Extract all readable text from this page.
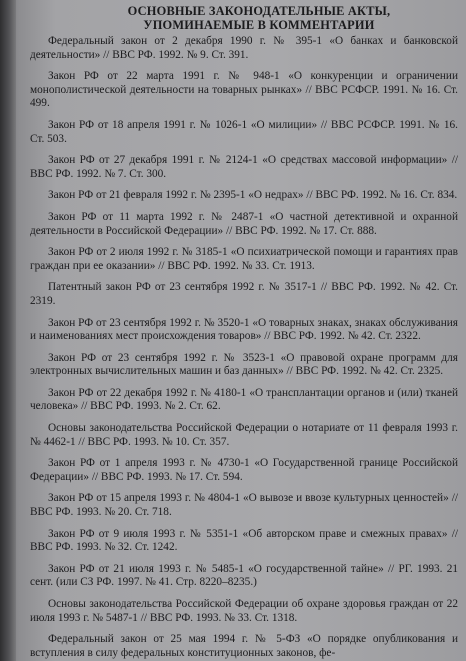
ОСНОВНЫЕ ЗАКОНОДАТЕЛЬНЫЕ АКТЫ,
УПОМИНАЕМЫЕ В КОММЕНТАРИИ

Федеральный закон от 2 декабря 1990 г. № 395-1 «О банках и банковской деятельности» // ВВС РФ. 1992. № 9. Ст. 391.

Закон РФ от 22 марта 1991 г. № 948-1 «О конкуренции и ограничении монополистической деятельности на товарных рынках» // ВВС РСФСР. 1991. № 16. Ст. 499.

Закон РФ от 18 апреля 1991 г. № 1026-1 «О милиции» // ВВС РСФСР. 1991. № 16. Ст. 503.

Закон РФ от 27 декабря 1991 г. № 2124-1 «О средствах массовой информации» // ВВС РФ. 1992. № 7. Ст. 300.

Закон РФ от 21 февраля 1992 г. № 2395-1 «О недрах» // ВВС РФ. 1992. № 16. Ст. 834.

Закон РФ от 11 марта 1992 г. № 2487-1 «О частной детективной и охранной деятельности в Российской Федерации» // ВВС РФ. 1992. № 17. Ст. 888.

Закон РФ от 2 июля 1992 г. № 3185-1 «О психиатрической помощи и гарантиях прав граждан при ее оказании» // ВВС РФ. 1992. № 33. Ст. 1913.

Патентный закон РФ от 23 сентября 1992 г. № 3517-1 // ВВС РФ. 1992. № 42. Ст. 2319.

Закон РФ от 23 сентября 1992 г. № 3520-1 «О товарных знаках, знаках обслуживания и наименованиях мест происхождения товаров» // ВВС РФ. 1992. № 42. Ст. 2322.

Закон РФ от 23 сентября 1992 г. № 3523-1 «О правовой охране программ для электронных вычислительных машин и баз данных» // ВВС РФ. 1992. № 42. Ст. 2325.

Закон РФ от 22 декабря 1992 г. № 4180-1 «О трансплантации органов и (или) тканей человека» // ВВС РФ. 1993. № 2. Ст. 62.

Основы законодательства Российской Федерации о нотариате от 11 февраля 1993 г. № 4462-1 // ВВС РФ. 1993. № 10. Ст. 357.

Закон РФ от 1 апреля 1993 г. № 4730-1 «О Государственной границе Российской Федерации» // ВВС РФ. 1993. № 17. Ст. 594.

Закон РФ от 15 апреля 1993 г. № 4804-1 «О вывозе и ввозе культурных ценностей» // ВВС РФ. 1993. № 20. Ст. 718.

Закон РФ от 9 июля 1993 г. № 5351-1 «Об авторском праве и смежных правах» // ВВС РФ. 1993. № 32. Ст. 1242.

Закон РФ от 21 июля 1993 г. № 5485-1 «О государственной тайне» // РГ. 1993. 21 сент. (или СЗ РФ. 1997. № 41. Стр. 8220–8235.)

Основы законодательства Российской Федерации об охране здоровья граждан от 22 июля 1993 г. № 5487-1 // ВВС РФ. 1993. № 33. Ст. 1318.

Федеральный закон от 25 мая 1994 г. № 5-ФЗ «О порядке опубликования и вступления в силу федеральных конституционных законов, фе-
